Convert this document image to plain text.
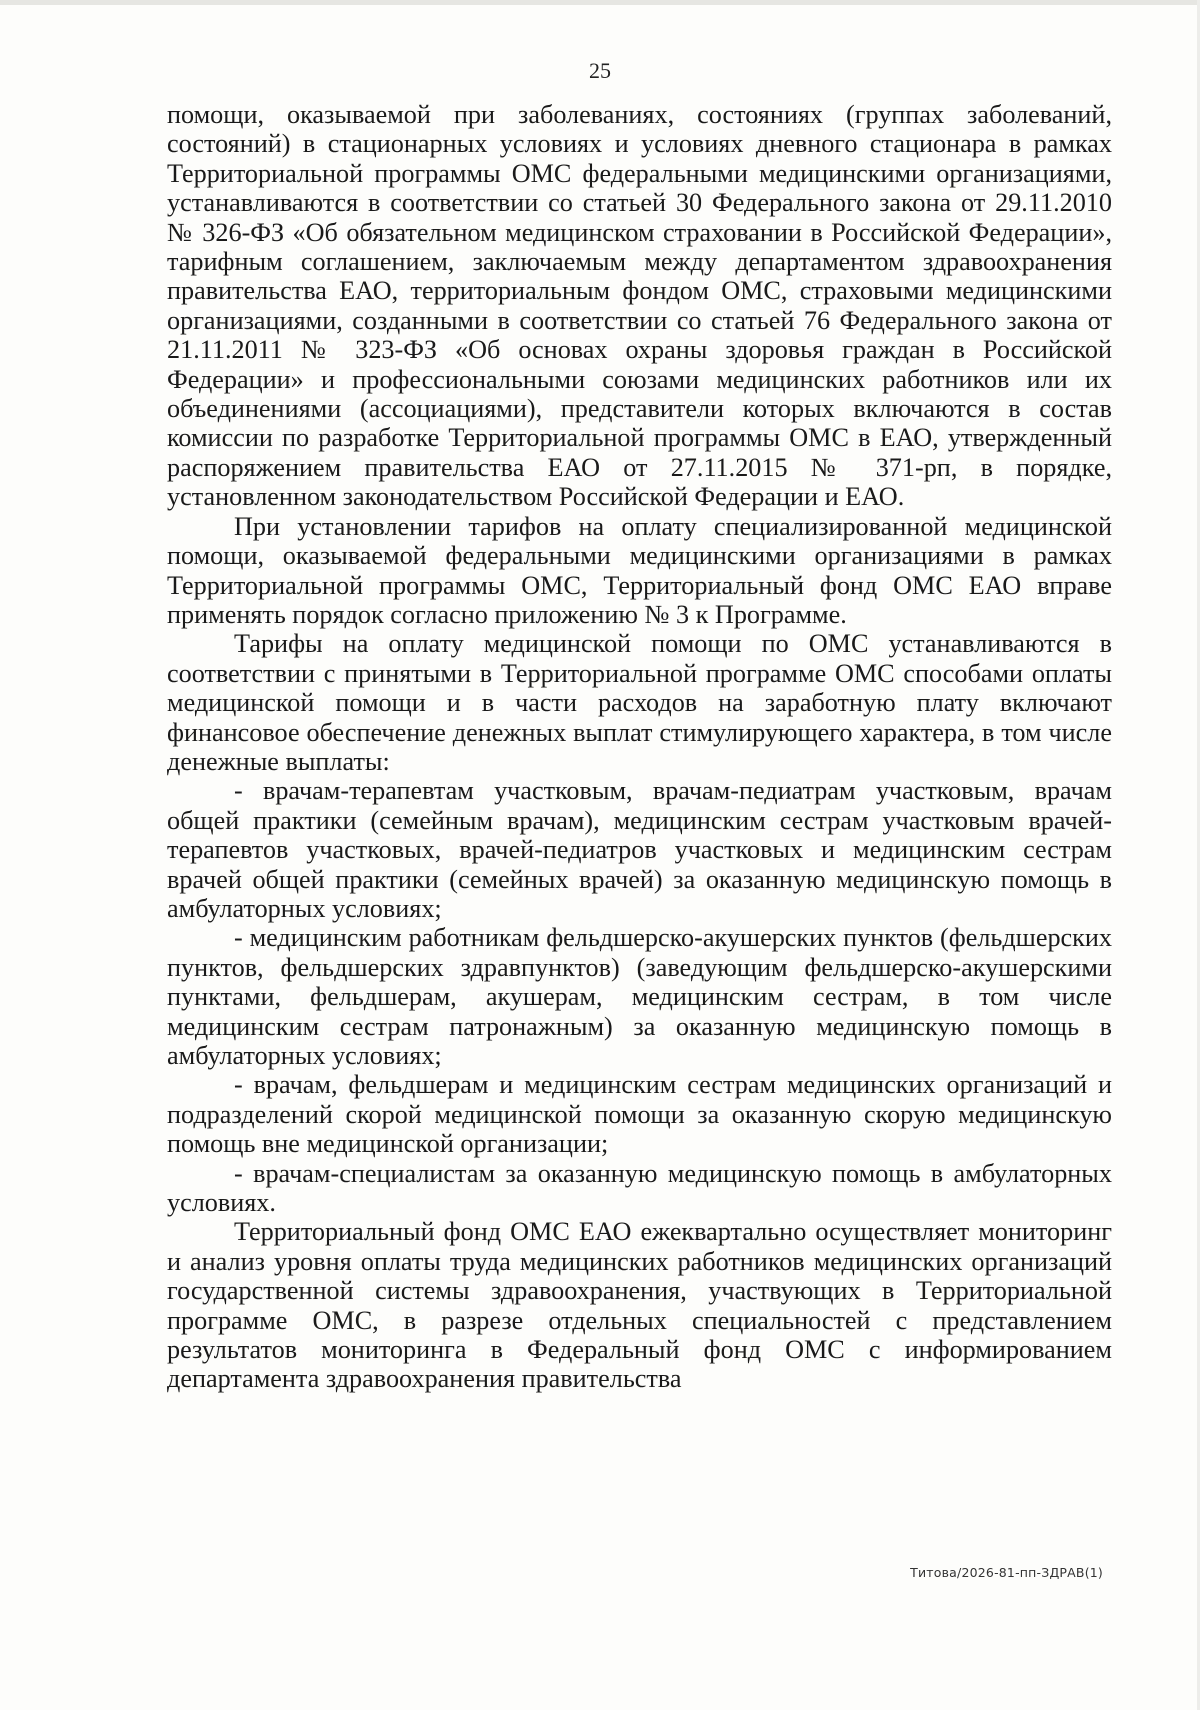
25

помощи, оказываемой при заболеваниях, состояниях (группах заболеваний, состояний) в стационарных условиях и условиях дневного стационара в рамках Территориальной программы ОМС федеральными медицинскими организациями, устанавливаются в соответствии со статьей 30 Федерального закона от 29.11.2010 № 326-ФЗ «Об обязательном медицинском страховании в Российской Федерации», тарифным соглашением, заключаемым между департаментом здравоохранения правительства ЕАО, территориальным фондом ОМС, страховыми медицинскими организациями, созданными в соответствии со статьей 76 Федерального закона от 21.11.2011 № 323-ФЗ «Об основах охраны здоровья граждан в Российской Федерации» и профессиональными союзами медицинских работников или их объединениями (ассоциациями), представители которых включаются в состав комиссии по разработке Территориальной программы ОМС в ЕАО, утвержденный распоряжением правительства ЕАО от 27.11.2015 № 371-рп, в порядке, установленном законодательством Российской Федерации и ЕАО.

При установлении тарифов на оплату специализированной медицинской помощи, оказываемой федеральными медицинскими организациями в рамках Территориальной программы ОМС, Территориальный фонд ОМС ЕАО вправе применять порядок согласно приложению № 3 к Программе.

Тарифы на оплату медицинской помощи по ОМС устанавливаются в соответствии с принятыми в Территориальной программе ОМС способами оплаты медицинской помощи и в части расходов на заработную плату включают финансовое обеспечение денежных выплат стимулирующего характера, в том числе денежные выплаты:

- врачам-терапевтам участковым, врачам-педиатрам участковым, врачам общей практики (семейным врачам), медицинским сестрам участковым врачей-терапевтов участковых, врачей-педиатров участковых и медицинским сестрам врачей общей практики (семейных врачей) за оказанную медицинскую помощь в амбулаторных условиях;

- медицинским работникам фельдшерско-акушерских пунктов (фельдшерских пунктов, фельдшерских здравпунктов) (заведующим фельдшерско-акушерскими пунктами, фельдшерам, акушерам, медицинским сестрам, в том числе медицинским сестрам патронажным) за оказанную медицинскую помощь в амбулаторных условиях;

- врачам, фельдшерам и медицинским сестрам медицинских организаций и подразделений скорой медицинской помощи за оказанную скорую медицинскую помощь вне медицинской организации;

- врачам-специалистам за оказанную медицинскую помощь в амбулаторных условиях.

Территориальный фонд ОМС ЕАО ежеквартально осуществляет мониторинг и анализ уровня оплаты труда медицинских работников медицинских организаций государственной системы здравоохранения, участвующих в Территориальной программе ОМС, в разрезе отдельных специальностей с представлением результатов мониторинга в Федеральный фонд ОМС с информированием департамента здравоохранения правительства

Титова/2026-81-пп-ЗДРАВ(1)
